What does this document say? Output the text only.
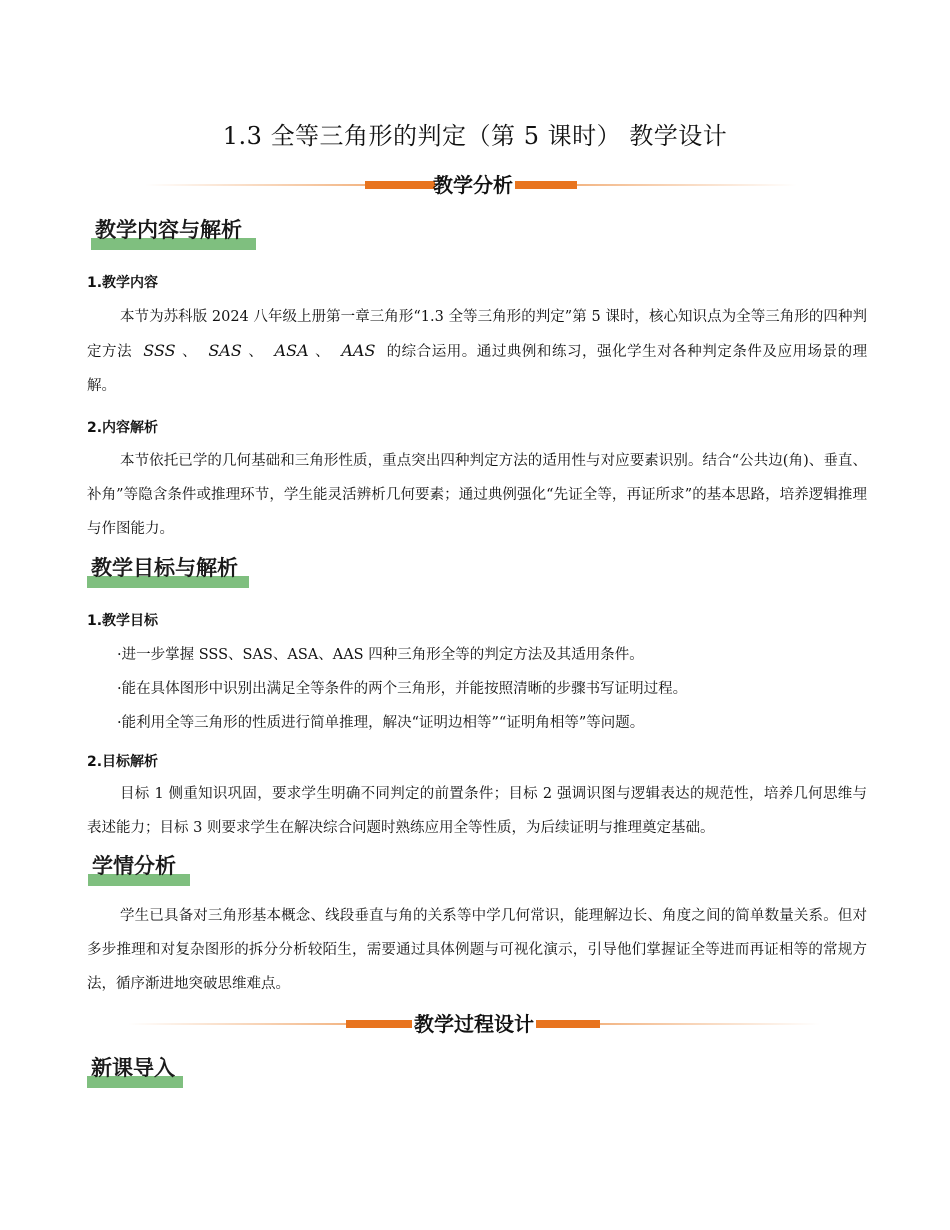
1.3 全等三角形的判定（第 5 课时） 教学设计
教学分析
教学内容与解析
1.教学内容
本节为苏科版 2024 八年级上册第一章三角形“1.3 全等三角形的判定”第 5 课时，核心知识点为全等三角形的四种判定方法 SSS 、 SAS 、 ASA 、 AAS 的综合运用。通过典例和练习，强化学生对各种判定条件及应用场景的理解。
2.内容解析
本节依托已学的几何基础和三角形性质，重点突出四种判定方法的适用性与对应要素识别。结合“公共边(角)、垂直、补角”等隐含条件或推理环节，学生能灵活辨析几何要素；通过典例强化“先证全等，再证所求”的基本思路，培养逻辑推理与作图能力。
教学目标与解析
1.教学目标
·进一步掌握 SSS、SAS、ASA、AAS 四种三角形全等的判定方法及其适用条件。
·能在具体图形中识别出满足全等条件的两个三角形，并能按照清晰的步骤书写证明过程。
·能利用全等三角形的性质进行简单推理，解决“证明边相等”“证明角相等”等问题。
2.目标解析
目标 1 侧重知识巩固，要求学生明确不同判定的前置条件；目标 2 强调识图与逻辑表达的规范性，培养几何思维与表述能力；目标 3 则要求学生在解决综合问题时熟练应用全等性质，为后续证明与推理奠定基础。
学情分析
学生已具备对三角形基本概念、线段垂直与角的关系等中学几何常识，能理解边长、角度之间的简单数量关系。但对多步推理和对复杂图形的拆分分析较陌生，需要通过具体例题与可视化演示，引导他们掌握证全等进而再证相等的常规方法，循序渐进地突破思维难点。
教学过程设计
新课导入
